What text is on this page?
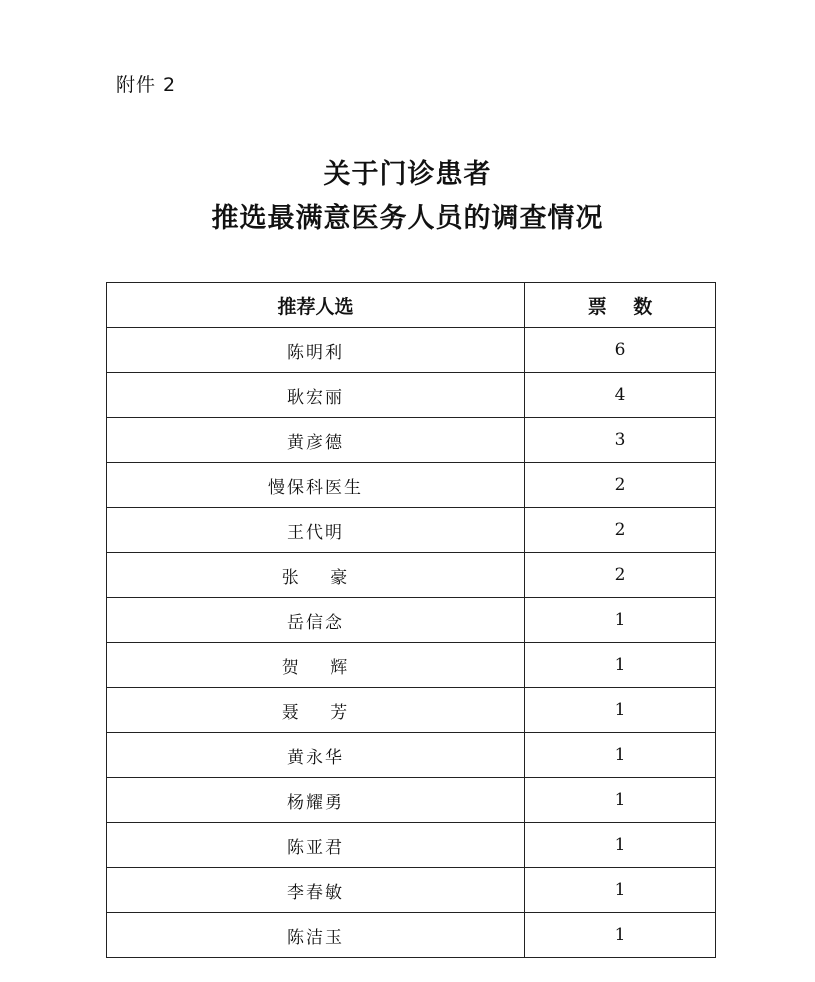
附件 2
关于门诊患者
推选最满意医务人员的调查情况
推荐人选	票    数
陈明利	6
耿宏丽	4
黄彦德	3
慢保科医生	2
王代明	2
张    豪	2
岳信念	1
贺    辉	1
聂    芳	1
黄永华	1
杨耀勇	1
陈亚君	1
李春敏	1
陈洁玉	1
